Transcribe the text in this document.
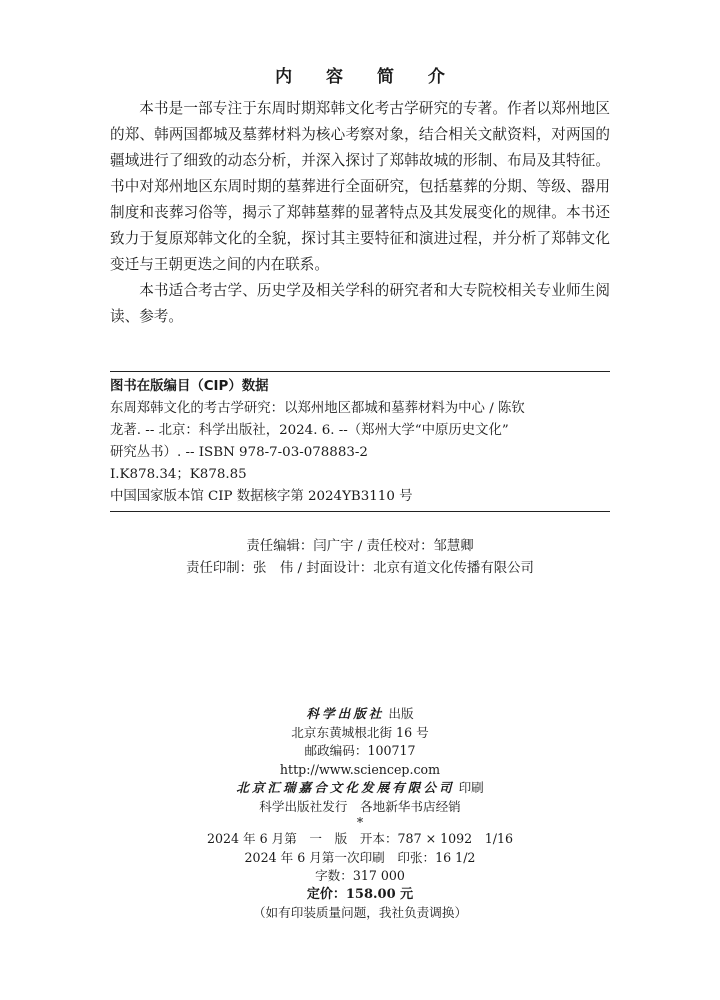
内 容 简 介

本书是一部专注于东周时期郑韩文化考古学研究的专著。作者以郑州地区的郑、韩两国都城及墓葬材料为核心考察对象，结合相关文献资料，对两国的疆域进行了细致的动态分析，并深入探讨了郑韩故城的形制、布局及其特征。书中对郑州地区东周时期的墓葬进行全面研究，包括墓葬的分期、等级、器用制度和丧葬习俗等，揭示了郑韩墓葬的显著特点及其发展变化的规律。本书还致力于复原郑韩文化的全貌，探讨其主要特征和演进过程，并分析了郑韩文化变迁与王朝更迭之间的内在联系。

本书适合考古学、历史学及相关学科的研究者和大专院校相关专业师生阅读、参考。

图书在版编目（CIP）数据
东周郑韩文化的考古学研究：以郑州地区都城和墓葬材料为中心 / 陈钦
龙著. -- 北京：科学出版社，2024. 6. --（郑州大学“中原历史文化”
研究丛书）. -- ISBN 978-7-03-078883-2
Ⅰ.K878.34；K878.85
中国国家版本馆 CIP 数据核字第 2024YB3110 号
责任编辑：闫广宇 / 责任校对：邹慧卿
责任印制：张　伟 / 封面设计：北京有道文化传播有限公司
科学出版社 出版
北京东黄城根北街 16 号
邮政编码：100717
http://www.sciencep.com
北京汇瑞嘉合文化发展有限公司 印刷
科学出版社发行　各地新华书店经销
*
2024 年 6 月第　一　版　开本：787 × 1092　1/16
2024 年 6 月第一次印刷　印张：16 1/2
字数：317 000
定价：158.00 元
（如有印装质量问题，我社负责调换）
